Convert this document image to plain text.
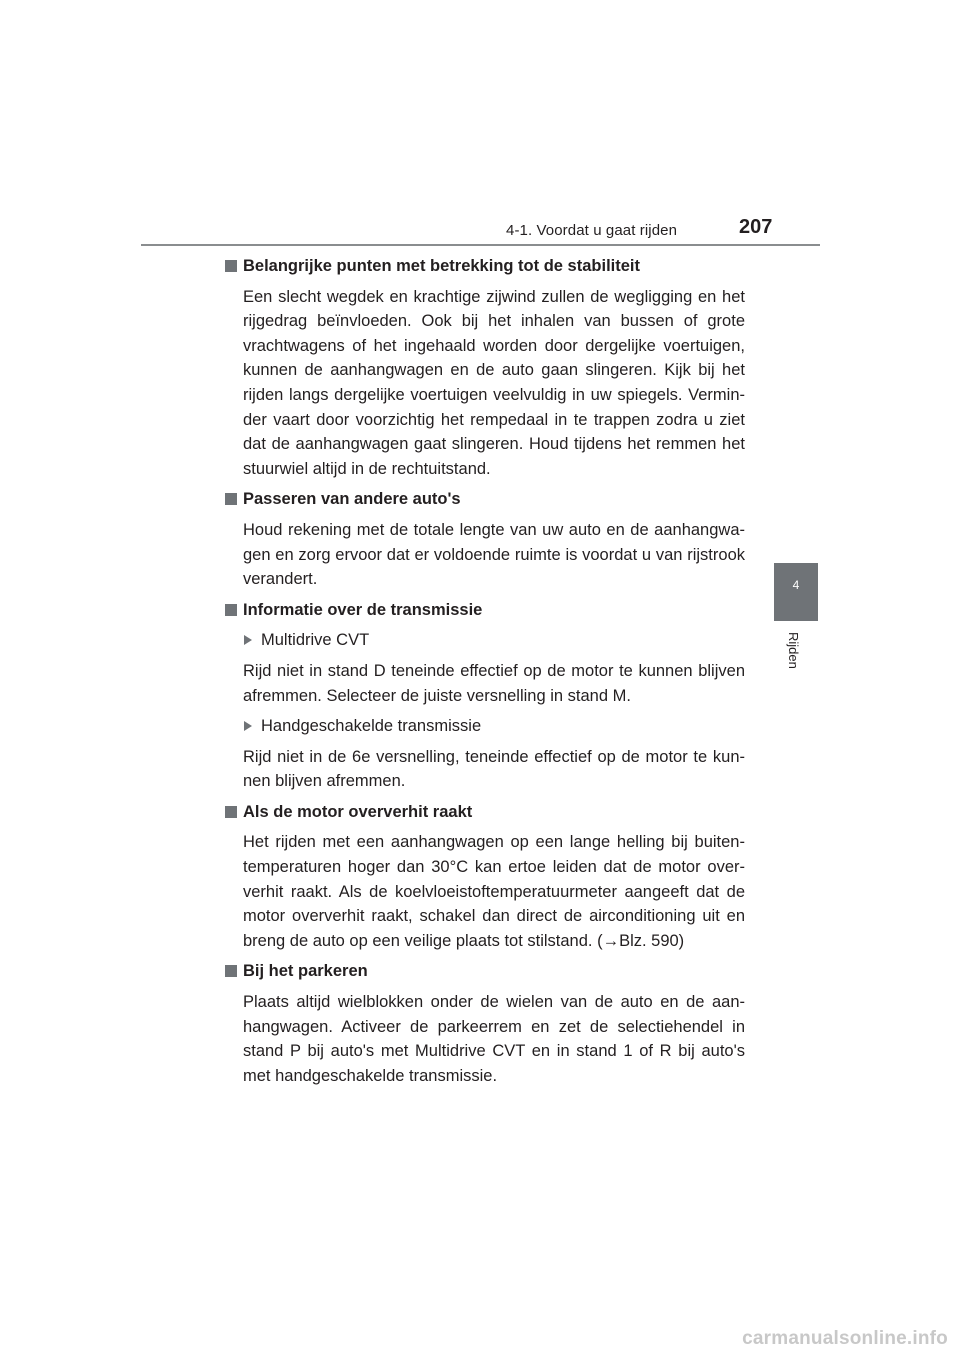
4-1. Voordat u gaat rijden	207
4
Rijden
Belangrijke punten met betrekking tot de stabiliteit
Een slecht wegdek en krachtige zijwind zullen de wegligging en het rijgedrag beïnvloeden. Ook bij het inhalen van bussen of grote vrachtwagens of het ingehaald worden door dergelijke voertuigen, kunnen de aanhangwagen en de auto gaan slingeren. Kijk bij het rijden langs dergelijke voertuigen veelvuldig in uw spiegels. Verminder vaart door voorzichtig het rempedaal in te trappen zodra u ziet dat de aanhangwagen gaat slingeren. Houd tijdens het remmen het stuurwiel altijd in de rechtuitstand.
Passeren van andere auto's
Houd rekening met de totale lengte van uw auto en de aanhangwagen en zorg ervoor dat er voldoende ruimte is voordat u van rijstrook verandert.
Informatie over de transmissie
Multidrive CVT
Rijd niet in stand D teneinde effectief op de motor te kunnen blijven afremmen. Selecteer de juiste versnelling in stand M.
Handgeschakelde transmissie
Rijd niet in de 6e versnelling, teneinde effectief op de motor te kunnen blijven afremmen.
Als de motor oververhit raakt
Het rijden met een aanhangwagen op een lange helling bij buitentemperaturen hoger dan 30°C kan ertoe leiden dat de motor oververhit raakt. Als de koelvloeistoftemperatuurmeter aangeeft dat de motor oververhit raakt, schakel dan direct de airconditioning uit en breng de auto op een veilige plaats tot stilstand. (→Blz. 590)
Bij het parkeren
Plaats altijd wielblokken onder de wielen van de auto en de aanhangwagen. Activeer de parkeerrem en zet de selectiehendel in stand P bij auto's met Multidrive CVT en in stand 1 of R bij auto's met handgeschakelde transmissie.
carmanualsonline.info
